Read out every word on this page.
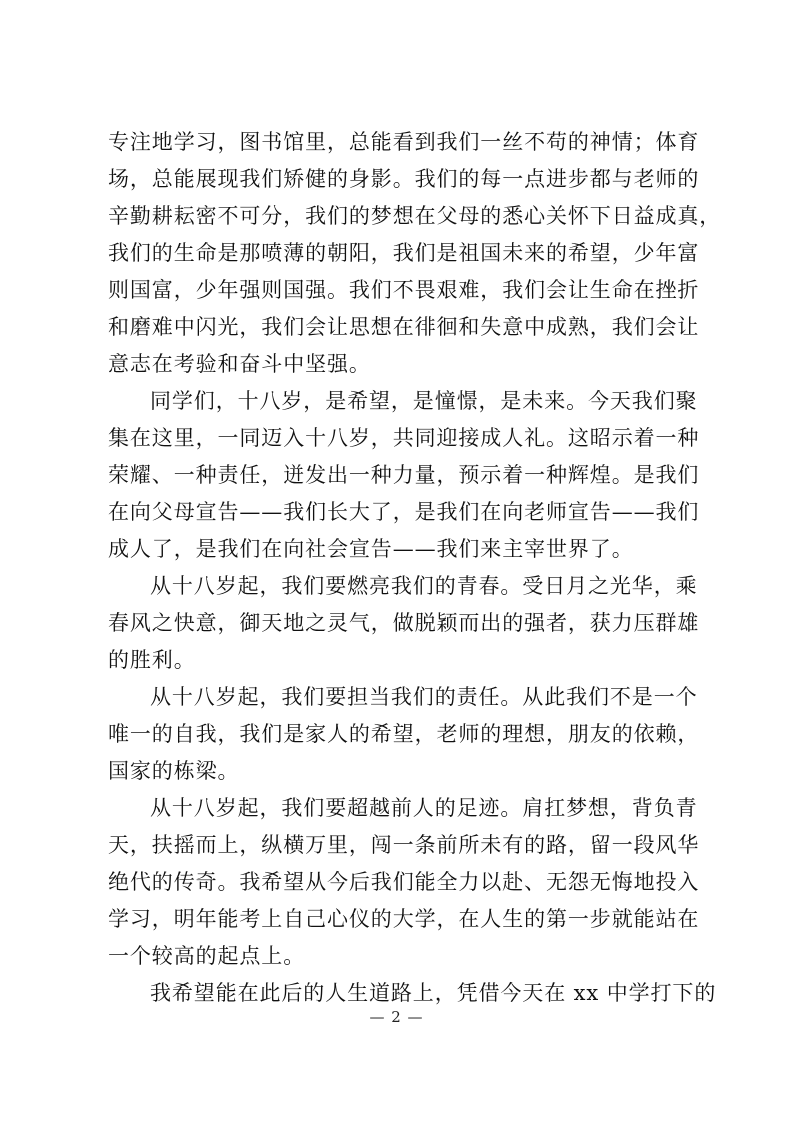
专注地学习，图书馆里，总能看到我们一丝不苟的神情；体育
场，总能展现我们矫健的身影。我们的每一点进步都与老师的
辛勤耕耘密不可分，我们的梦想在父母的悉心关怀下日益成真，
我们的生命是那喷薄的朝阳，我们是祖国未来的希望，少年富
则国富，少年强则国强。我们不畏艰难，我们会让生命在挫折
和磨难中闪光，我们会让思想在徘徊和失意中成熟，我们会让
意志在考验和奋斗中坚强。
同学们，十八岁，是希望，是憧憬，是未来。今天我们聚
集在这里，一同迈入十八岁，共同迎接成人礼。这昭示着一种
荣耀、一种责任，迸发出一种力量，预示着一种辉煌。是我们
在向父母宣告——我们长大了，是我们在向老师宣告——我们
成人了，是我们在向社会宣告——我们来主宰世界了。
从十八岁起，我们要燃亮我们的青春。受日月之光华，乘
春风之快意，御天地之灵气，做脱颖而出的强者，获力压群雄
的胜利。
从十八岁起，我们要担当我们的责任。从此我们不是一个
唯一的自我，我们是家人的希望，老师的理想，朋友的依赖，
国家的栋梁。
从十八岁起，我们要超越前人的足迹。肩扛梦想，背负青
天，扶摇而上，纵横万里，闯一条前所未有的路，留一段风华
绝代的传奇。我希望从今后我们能全力以赴、无怨无悔地投入
学习，明年能考上自己心仪的大学，在人生的第一步就能站在
一个较高的起点上。
我希望能在此后的人生道路上，凭借今天在 xx 中学打下的
— 2 —
